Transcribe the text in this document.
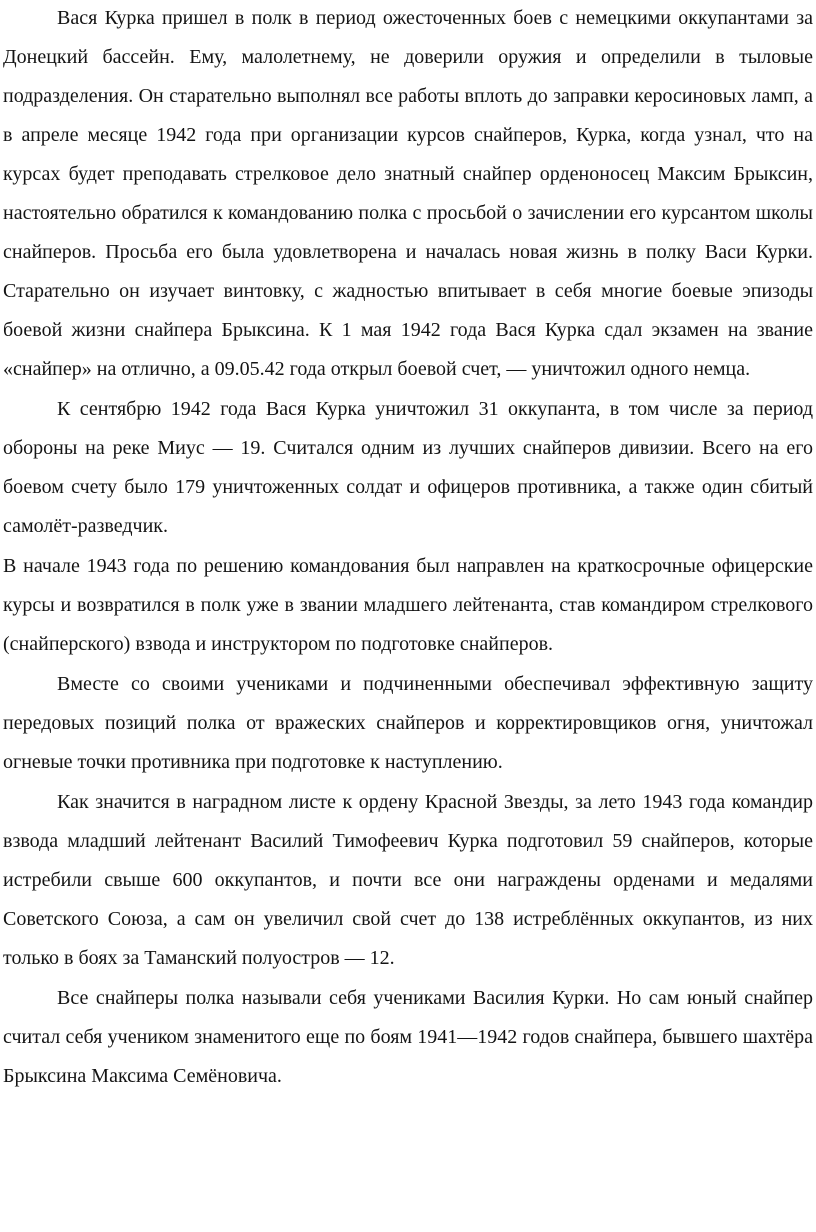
Вася Курка пришел в полк в период ожесточенных боев с немецкими оккупантами за Донецкий бассейн. Ему, малолетнему, не доверили оружия и определили в тыловые подразделения. Он старательно выполнял все работы вплоть до заправки керосиновых ламп, а в апреле месяце 1942 года при организации курсов снайперов, Курка, когда узнал, что на курсах будет преподавать стрелковое дело знатный снайпер орденоносец Максим Брыксин, настоятельно обратился к командованию полка с просьбой о зачислении его курсантом школы снайперов. Просьба его была удовлетворена и началась новая жизнь в полку Васи Курки. Старательно он изучает винтовку, с жадностью впитывает в себя многие боевые эпизоды боевой жизни снайпера Брыксина. К 1 мая 1942 года Вася Курка сдал экзамен на звание «снайпер» на отлично, а 09.05.42 года открыл боевой счет, — уничтожил одного немца.

К сентябрю 1942 года Вася Курка уничтожил 31 оккупанта, в том числе за период обороны на реке Миус — 19. Считался одним из лучших снайперов дивизии. Всего на его боевом счету было 179 уничтоженных солдат и офицеров противника, а также один сбитый самолёт-разведчик.

В начале 1943 года по решению командования был направлен на краткосрочные офицерские курсы и возвратился в полк уже в звании младшего лейтенанта, став командиром стрелкового (снайперского) взвода и инструктором по подготовке снайперов.

Вместе со своими учениками и подчиненными обеспечивал эффективную защиту передовых позиций полка от вражеских снайперов и корректировщиков огня, уничтожал огневые точки противника при подготовке к наступлению.

Как значится в наградном листе к ордену Красной Звезды, за лето 1943 года командир взвода младший лейтенант Василий Тимофеевич Курка подготовил 59 снайперов, которые истребили свыше 600 оккупантов, и почти все они награждены орденами и медалями Советского Союза, а сам он увеличил свой счет до 138 истреблённых оккупантов, из них только в боях за Таманский полуостров — 12.

Все снайперы полка называли себя учениками Василия Курки. Но сам юный снайпер считал себя учеником знаменитого еще по боям 1941—1942 годов снайпера, бывшего шахтёра Брыксина Максима Семёновича.
